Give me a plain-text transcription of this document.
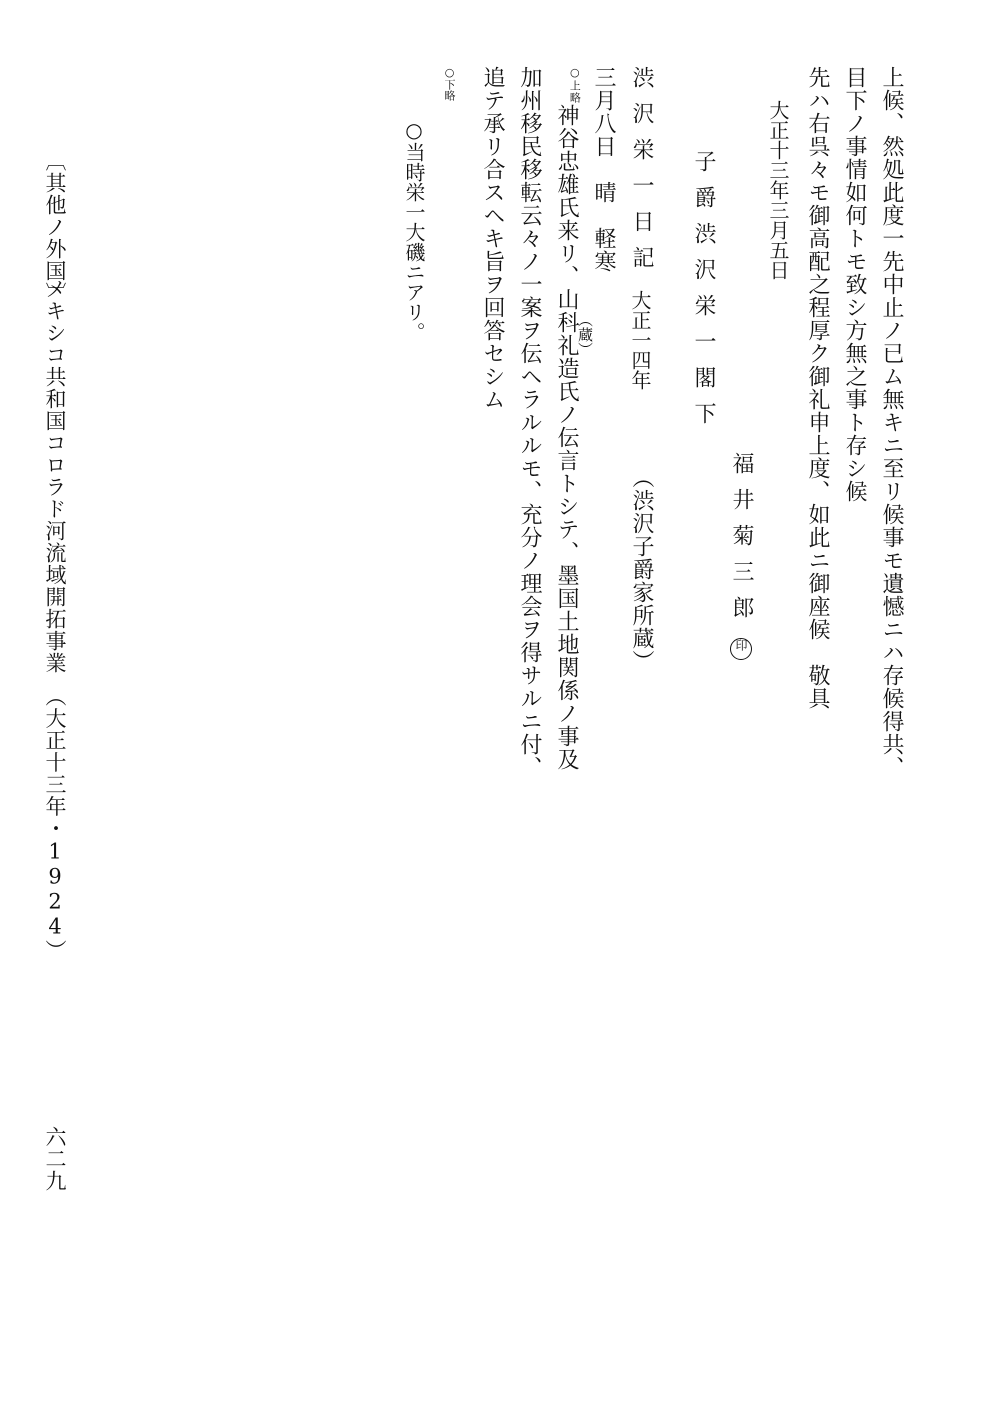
上候、然処此度一先中止ノ已ム無キニ至リ候事モ遺憾ニハ存候得共、
目下ノ事情如何トモ致シ方無之事ト存シ候
先ハ右呉々モ御高配之程厚ク御礼申上度、如此ニ御座候　敬具
大正十三年三月五日
福井菊三郎印
子爵渋沢栄一閣下
渋沢栄一日記
大正一四年
（渋沢子爵家所蔵）
三月八日　晴　軽寒
$^{○上略}$神谷忠雄氏来リ、山科礼造氏ノ伝言トシテ、墨国土地関係ノ事及
（蔵）
加州移民移転云々ノ一案ヲ伝ヘラルルモ、充分ノ理会ヲ得サルニ付、
追テ承リ合スヘキ旨ヲ回答セシム
○下略
○当時栄一大磯ニアリ。
〔其他ノ外国〕
メキシコ共和国コロラド河流域開拓事業　（大正十三年・1924）
六二九
